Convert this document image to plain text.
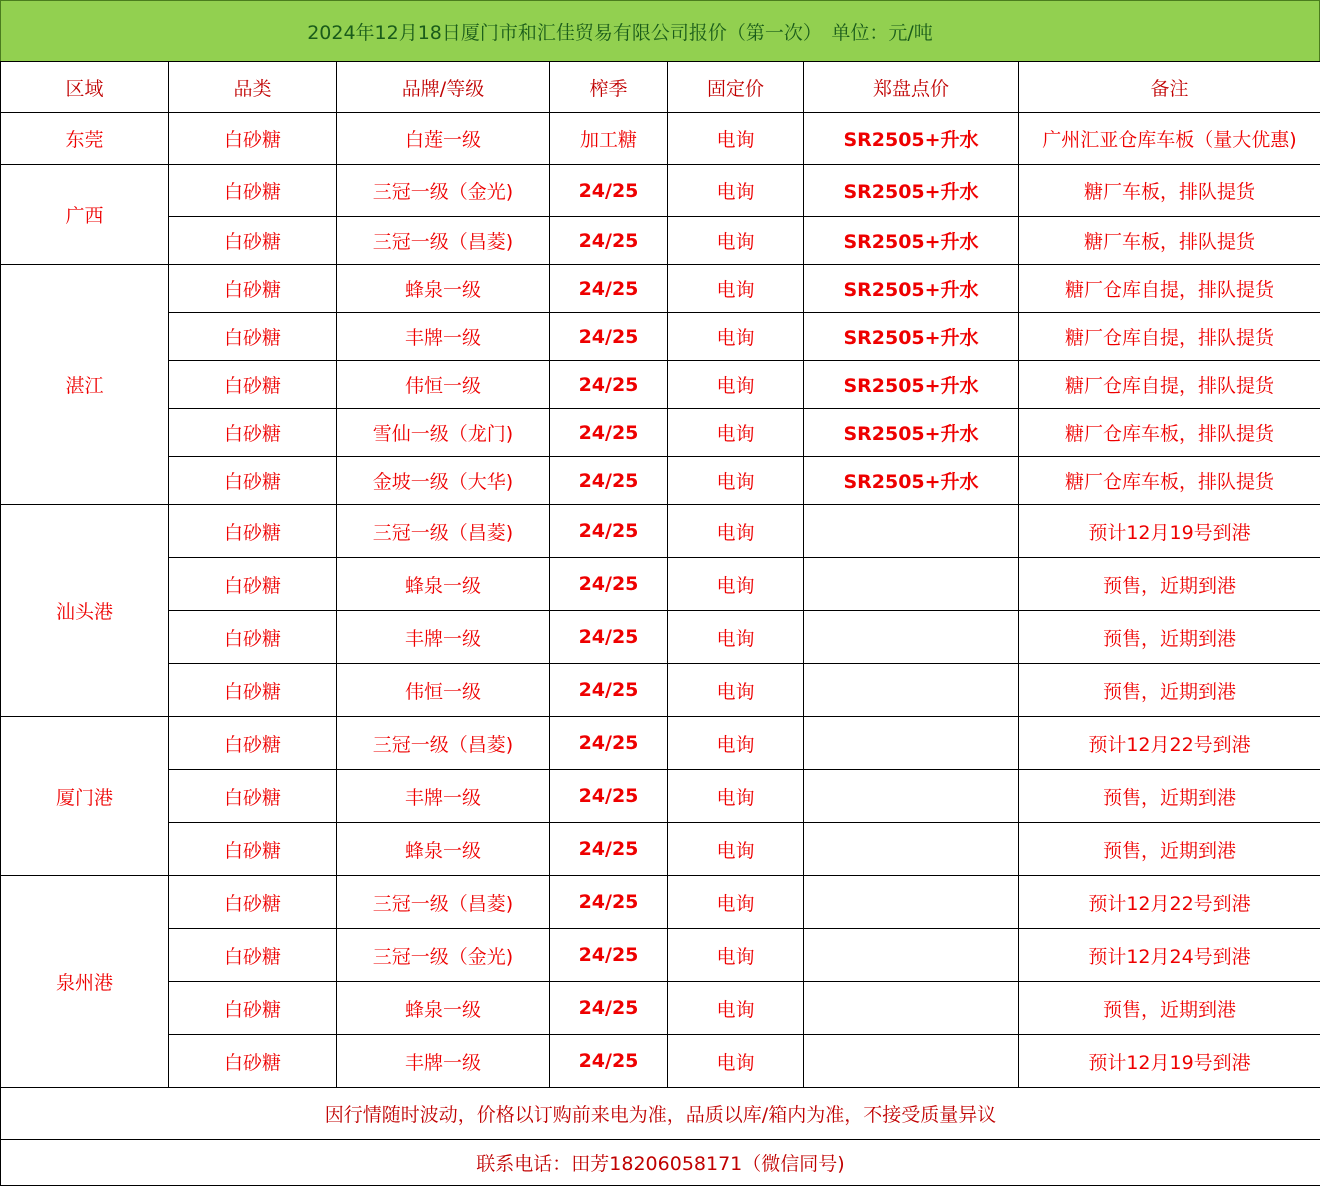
2024年12月18日厦门市和汇佳贸易有限公司报价（第一次）　单位：元/吨
区域	品类	品牌/等级	榨季	固定价	郑盘点价	备注
东莞	白砂糖	白莲一级	加工糖	电询	SR2505+升水	广州汇亚仓库车板（量大优惠)
广西	白砂糖	三冠一级（金光)	24/25	电询	SR2505+升水	糖厂车板，排队提货
	白砂糖	三冠一级（昌菱)	24/25	电询	SR2505+升水	糖厂车板，排队提货
湛江	白砂糖	蜂泉一级	24/25	电询	SR2505+升水	糖厂仓库自提，排队提货
	白砂糖	丰牌一级	24/25	电询	SR2505+升水	糖厂仓库自提，排队提货
	白砂糖	伟恒一级	24/25	电询	SR2505+升水	糖厂仓库自提，排队提货
	白砂糖	雪仙一级（龙门)	24/25	电询	SR2505+升水	糖厂仓库车板，排队提货
	白砂糖	金坡一级（大华)	24/25	电询	SR2505+升水	糖厂仓库车板，排队提货
汕头港	白砂糖	三冠一级（昌菱)	24/25	电询		预计12月19号到港
	白砂糖	蜂泉一级	24/25	电询		预售，近期到港
	白砂糖	丰牌一级	24/25	电询		预售，近期到港
	白砂糖	伟恒一级	24/25	电询		预售，近期到港
厦门港	白砂糖	三冠一级（昌菱)	24/25	电询		预计12月22号到港
	白砂糖	丰牌一级	24/25	电询		预售，近期到港
	白砂糖	蜂泉一级	24/25	电询		预售，近期到港
泉州港	白砂糖	三冠一级（昌菱)	24/25	电询		预计12月22号到港
	白砂糖	三冠一级（金光)	24/25	电询		预计12月24号到港
	白砂糖	蜂泉一级	24/25	电询		预售，近期到港
	白砂糖	丰牌一级	24/25	电询		预计12月19号到港
因行情随时波动，价格以订购前来电为准，品质以库/箱内为准，不接受质量异议						
联系电话：田芳18206058171（微信同号)						
